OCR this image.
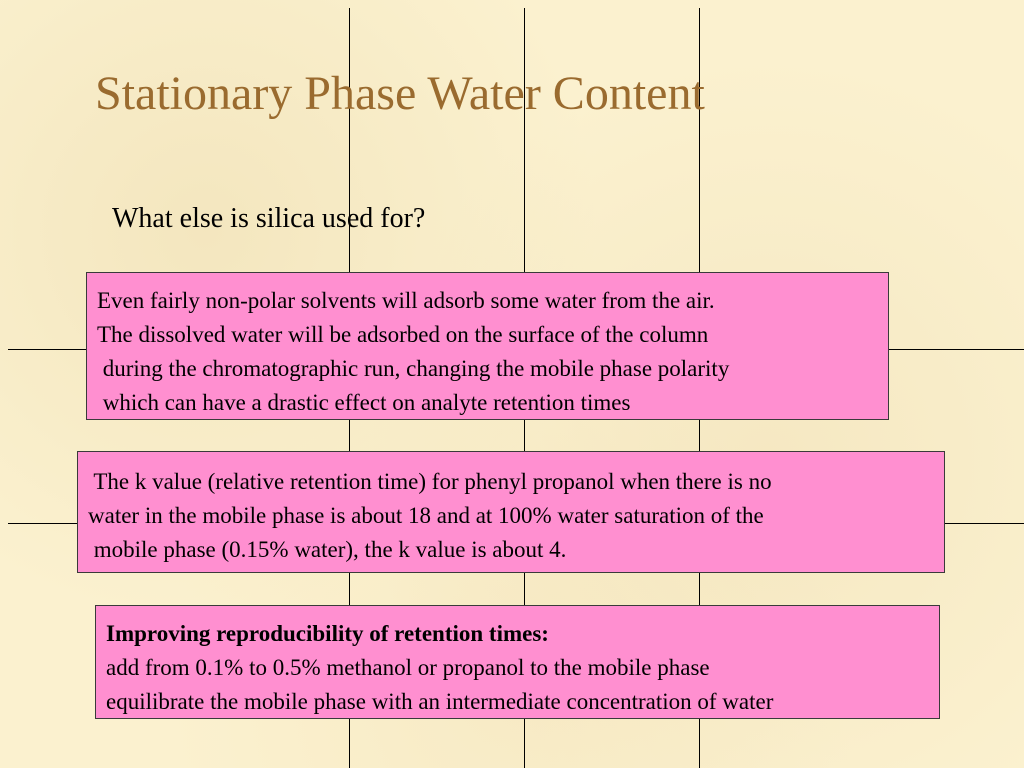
Stationary Phase Water Content
What else is silica used for?
Even fairly non-polar solvents will adsorb some water from the air.
The dissolved water will be adsorbed on the surface of the column
during the chromatographic run, changing the mobile phase polarity
which can have a drastic effect on analyte retention times
The k value (relative retention time) for phenyl propanol when there is no
water in the mobile phase is about 18 and at 100% water saturation of the
mobile phase (0.15% water), the k value is about 4.
Improving reproducibility of retention times:
add from 0.1% to 0.5% methanol or propanol to the mobile phase
equilibrate the mobile phase with an intermediate concentration of water
